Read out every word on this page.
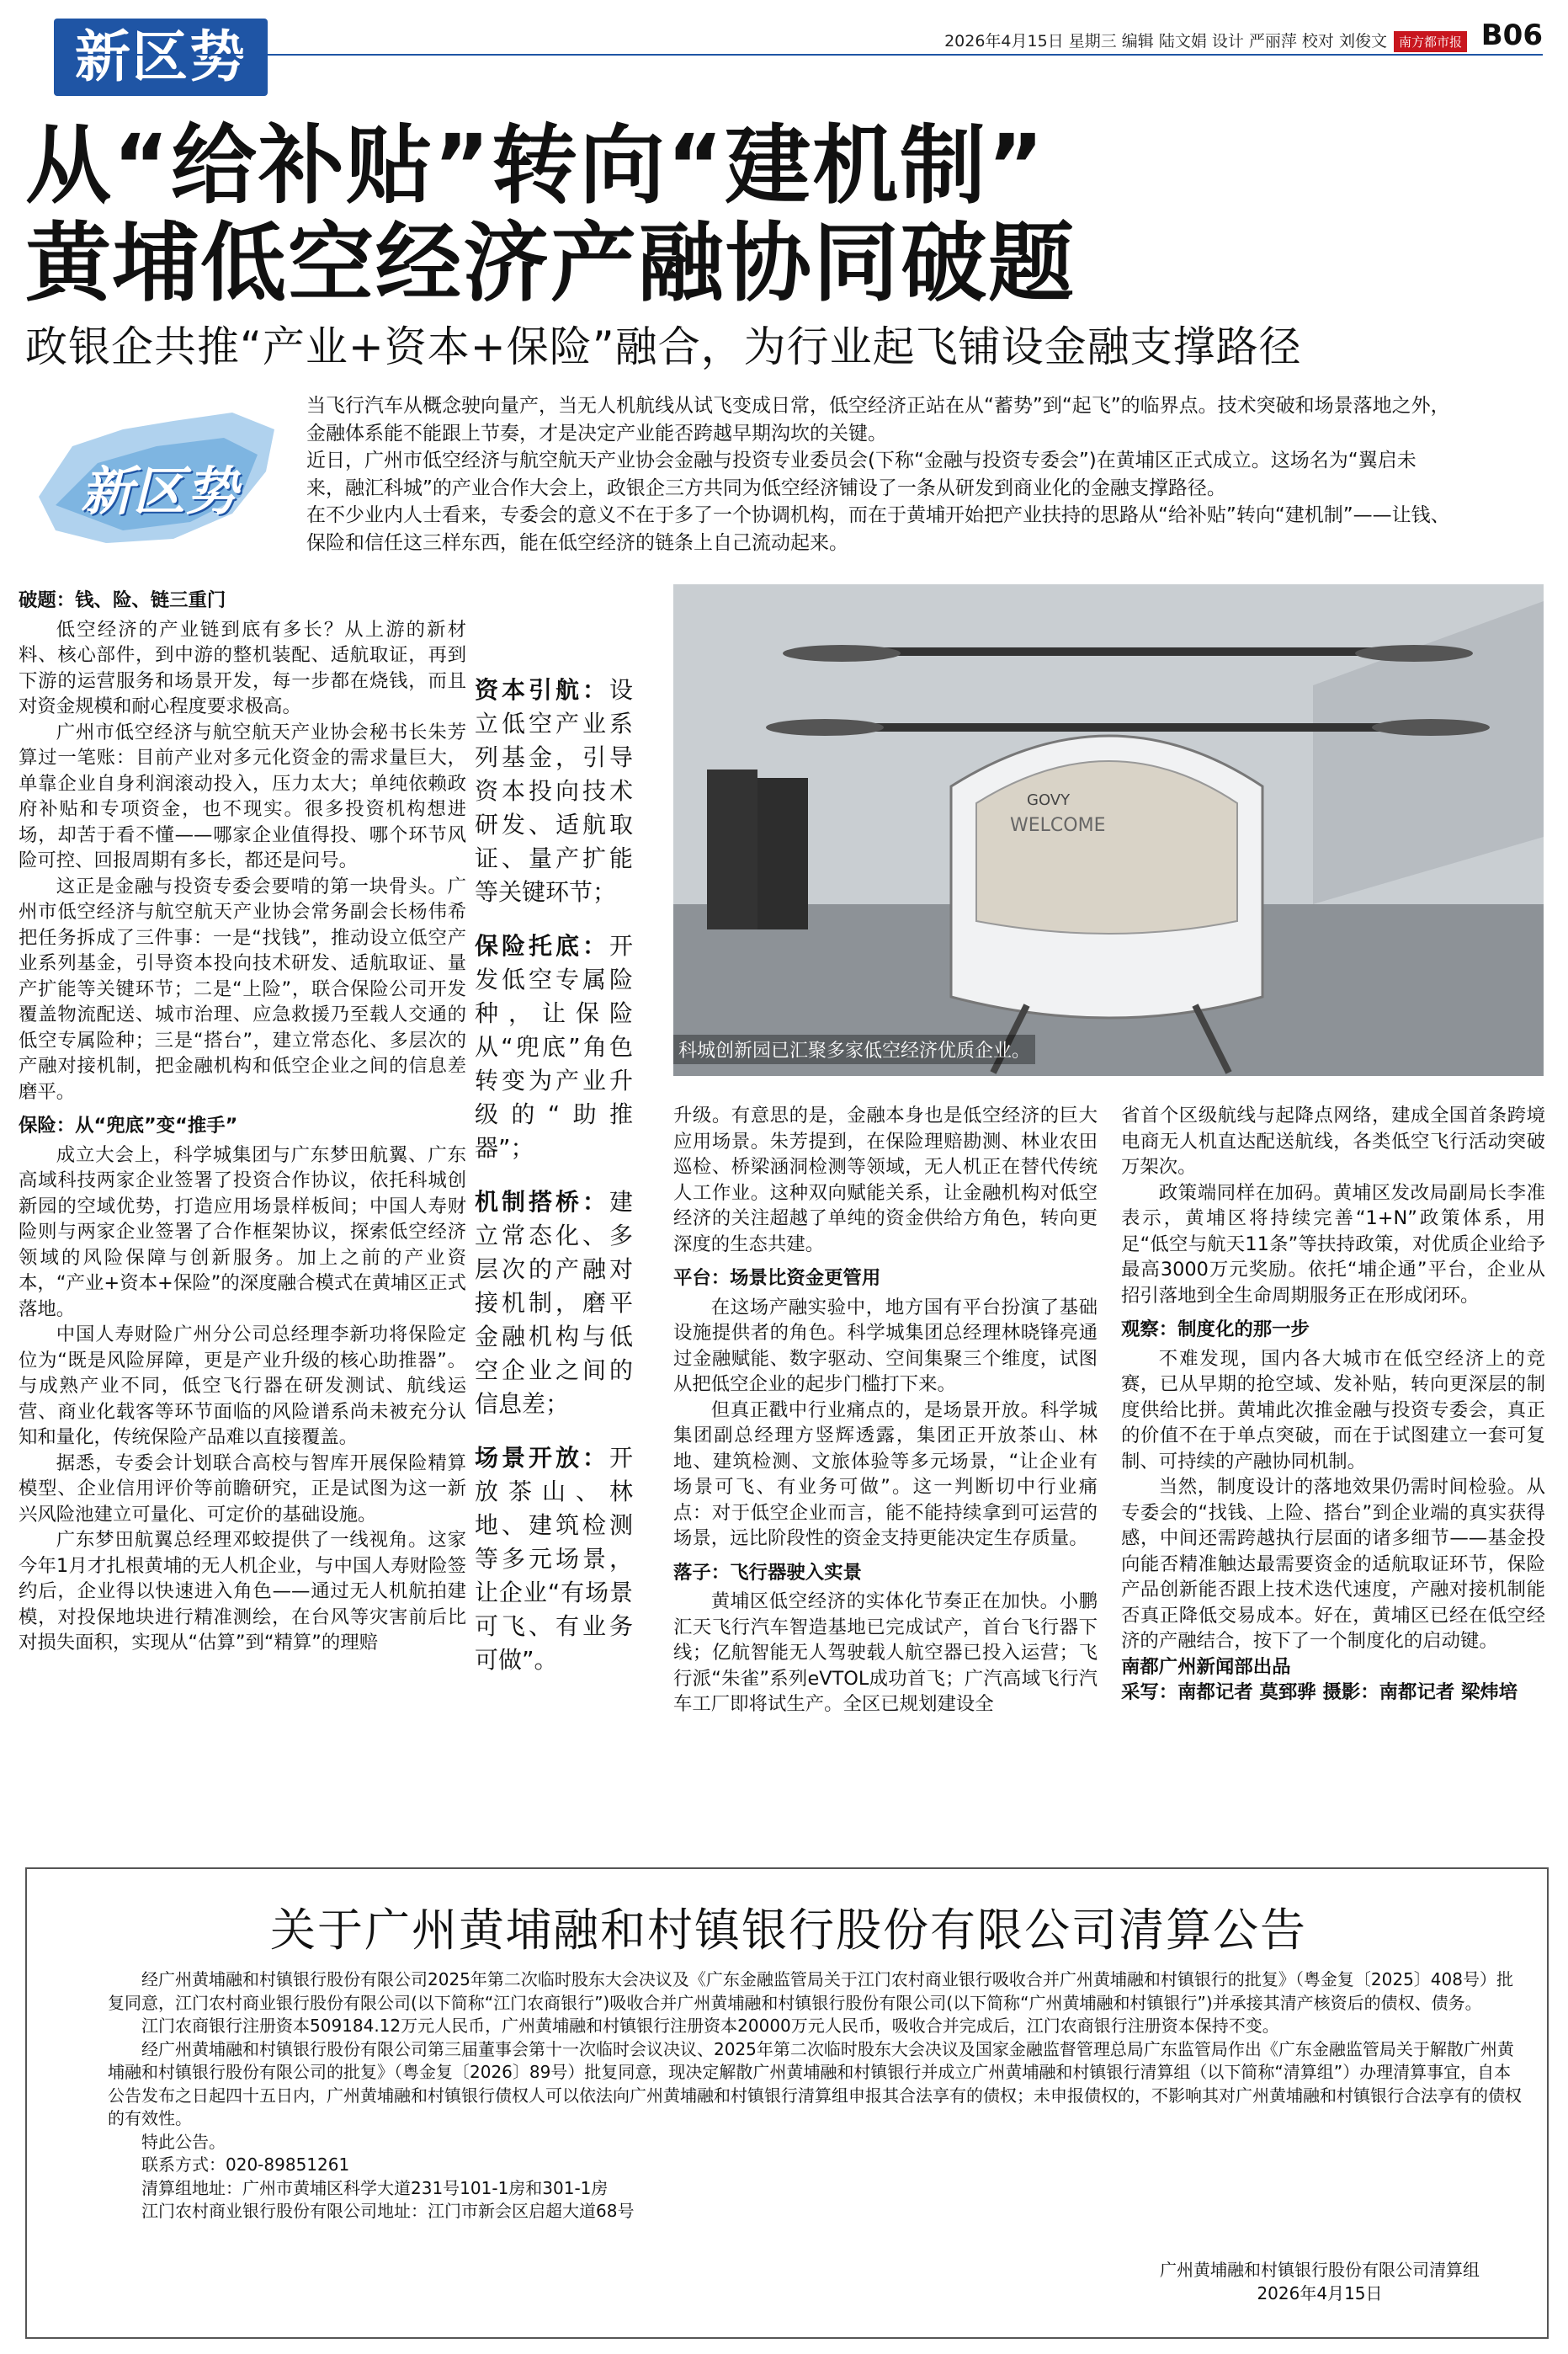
新区势	2026年4月15日 星期三 编辑 陆文娟 设计 严丽萍 校对 刘俊文 南方都市报 B06
从“给补贴”转向“建机制”
黄埔低空经济产融协同破题
政银企共推“产业+资本+保险”融合，为行业起飞铺设金融支撑路径
新区势

当飞行汽车从概念驶向量产，当无人机航线从试飞变成日常，低空经济正站在从“蓄势”到“起飞”的临界点。技术突破和场景落地之外，金融体系能不能跟上节奏，才是决定产业能否跨越早期沟坎的关键。

近日，广州市低空经济与航空航天产业协会金融与投资专业委员会(下称“金融与投资专委会”)在黄埔区正式成立。这场名为“翼启未来，融汇科城”的产业合作大会上，政银企三方共同为低空经济铺设了一条从研发到商业化的金融支撑路径。

在不少业内人士看来，专委会的意义不在于多了一个协调机构，而在于黄埔开始把产业扶持的思路从“给补贴”转向“建机制”——让钱、保险和信任这三样东西，能在低空经济的链条上自己流动起来。

破题：钱、险、链三重门

低空经济的产业链到底有多长？从上游的新材料、核心部件，到中游的整机装配、适航取证，再到下游的运营服务和场景开发，每一步都在烧钱，而且对资金规模和耐心程度要求极高。

广州市低空经济与航空航天产业协会秘书长朱芳算过一笔账：目前产业对多元化资金的需求量巨大，单靠企业自身利润滚动投入，压力太大；单纯依赖政府补贴和专项资金，也不现实。很多投资机构想进场，却苦于看不懂——哪家企业值得投、哪个环节风险可控、回报周期有多长，都还是问号。

这正是金融与投资专委会要啃的第一块骨头。广州市低空经济与航空航天产业协会常务副会长杨伟希把任务拆成了三件事：一是“找钱”，推动设立低空产业系列基金，引导资本投向技术研发、适航取证、量产扩能等关键环节；二是“上险”，联合保险公司开发覆盖物流配送、城市治理、应急救援乃至载人交通的低空专属险种；三是“搭台”，建立常态化、多层次的产融对接机制，把金融机构和低空企业之间的信息差磨平。

保险：从“兜底”变“推手”

成立大会上，科学城集团与广东梦田航翼、广东高域科技两家企业签署了投资合作协议，依托科城创新园的空域优势，打造应用场景样板间；中国人寿财险则与两家企业签署了合作框架协议，探索低空经济领域的风险保障与创新服务。加上之前的产业资本，“产业+资本+保险”的深度融合模式在黄埔区正式落地。

中国人寿财险广州分公司总经理李新功将保险定位为“既是风险屏障，更是产业升级的核心助推器”。与成熟产业不同，低空飞行器在研发测试、航线运营、商业化载客等环节面临的风险谱系尚未被充分认知和量化，传统保险产品难以直接覆盖。

据悉，专委会计划联合高校与智库开展保险精算模型、企业信用评价等前瞻研究，正是试图为这一新兴风险池建立可量化、可定价的基础设施。

广东梦田航翼总经理邓蛟提供了一线视角。这家今年1月才扎根黄埔的无人机企业，与中国人寿财险签约后，企业得以快速进入角色——通过无人机航拍建模，对投保地块进行精准测绘，在台风等灾害前后比对损失面积，实现从“估算”到“精算”的理赔

资本引航：设立低空产业系列基金，引导资本投向技术研发、适航取证、量产扩能等关键环节；
保险托底：开发低空专属险种，让保险从“兜底”角色转变为产业升级的“助推器”；
机制搭桥：建立常态化、多层次的产融对接机制，磨平金融机构与低空企业之间的信息差；
场景开放：开放茶山、林地、建筑检测等多元场景，让企业“有场景可飞、有业务可做”。
GOVY
WELCOME
科城创新园已汇聚多家低空经济优质企业。

升级。有意思的是，金融本身也是低空经济的巨大应用场景。朱芳提到，在保险理赔勘测、林业农田巡检、桥梁涵洞检测等领域，无人机正在替代传统人工作业。这种双向赋能关系，让金融机构对低空经济的关注超越了单纯的资金供给方角色，转向更深度的生态共建。

平台：场景比资金更管用

在这场产融实验中，地方国有平台扮演了基础设施提供者的角色。科学城集团总经理林晓锋亮通过金融赋能、数字驱动、空间集聚三个维度，试图从把低空企业的起步门槛打下来。

但真正戳中行业痛点的，是场景开放。科学城集团副总经理方竖辉透露，集团正开放茶山、林地、建筑检测、文旅体验等多元场景，“让企业有场景可飞、有业务可做”。这一判断切中行业痛点：对于低空企业而言，能不能持续拿到可运营的场景，远比阶段性的资金支持更能决定生存质量。

落子：飞行器驶入实景

黄埔区低空经济的实体化节奏正在加快。小鹏汇天飞行汽车智造基地已完成试产，首台飞行器下线；亿航智能无人驾驶载人航空器已投入运营；飞行派“朱雀”系列eVTOL成功首飞；广汽高域飞行汽车工厂即将试生产。全区已规划建设全

省首个区级航线与起降点网络，建成全国首条跨境电商无人机直达配送航线，各类低空飞行活动突破万架次。

政策端同样在加码。黄埔区发改局副局长李准表示，黄埔区将持续完善“1+N”政策体系，用足“低空与航天11条”等扶持政策，对优质企业给予最高3000万元奖励。依托“埔企通”平台，企业从招引落地到全生命周期服务正在形成闭环。

观察：制度化的那一步

不难发现，国内各大城市在低空经济上的竞赛，已从早期的抢空域、发补贴，转向更深层的制度供给比拼。黄埔此次推金融与投资专委会，真正的价值不在于单点突破，而在于试图建立一套可复制、可持续的产融协同机制。

当然，制度设计的落地效果仍需时间检验。从专委会的“找钱、上险、搭台”到企业端的真实获得感，中间还需跨越执行层面的诸多细节——基金投向能否精准触达最需要资金的适航取证环节，保险产品创新能否跟上技术迭代速度，产融对接机制能否真正降低交易成本。好在，黄埔区已经在低空经济的产融结合，按下了一个制度化的启动键。

南都广州新闻部出品
采写：南都记者 莫郅骅 摄影：南都记者 梁炜培
关于广州黄埔融和村镇银行股份有限公司清算公告

经广州黄埔融和村镇银行股份有限公司2025年第二次临时股东大会决议及《广东金融监管局关于江门农村商业银行吸收合并广州黄埔融和村镇银行的批复》（粤金复〔2025〕408号）批复同意，江门农村商业银行股份有限公司(以下简称“江门农商银行”)吸收合并广州黄埔融和村镇银行股份有限公司(以下简称“广州黄埔融和村镇银行”)并承接其清产核资后的债权、债务。

江门农商银行注册资本509184.12万元人民币，广州黄埔融和村镇银行注册资本20000万元人民币，吸收合并完成后，江门农商银行注册资本保持不变。

经广州黄埔融和村镇银行股份有限公司第三届董事会第十一次临时会议决议、2025年第二次临时股东大会决议及国家金融监督管理总局广东监管局作出《广东金融监管局关于解散广州黄埔融和村镇银行股份有限公司的批复》（粤金复〔2026〕89号）批复同意，现决定解散广州黄埔融和村镇银行并成立广州黄埔融和村镇银行清算组（以下简称“清算组”）办理清算事宜，自本公告发布之日起四十五日内，广州黄埔融和村镇银行债权人可以依法向广州黄埔融和村镇银行清算组申报其合法享有的债权；未申报债权的，不影响其对广州黄埔融和村镇银行合法享有的债权的有效性。

特此公告。

联系方式：020-89851261

清算组地址：广州市黄埔区科学大道231号101-1房和301-1房

江门农村商业银行股份有限公司地址：江门市新会区启超大道68号

广州黄埔融和村镇银行股份有限公司清算组
2026年4月15日
